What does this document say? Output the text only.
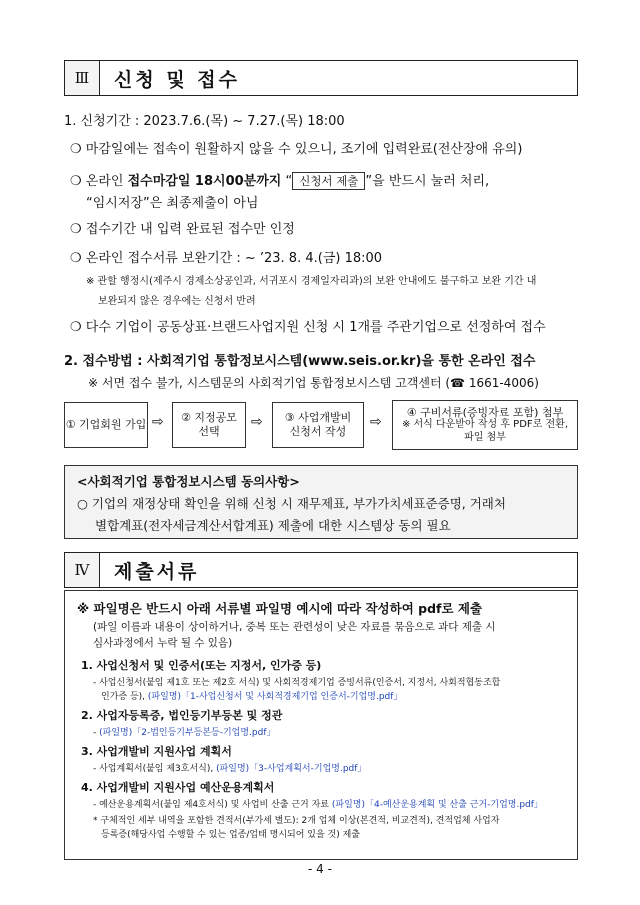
Ⅲ	신청 및 접수
1. 신청기간 : 2023.7.6.(목) ~ 7.27.(목) 18:00
❍ 마감일에는 접속이 원활하지 않을 수 있으니, 조기에 입력완료(전산장애 유의)
❍ 온라인 접수마감일 18시00분까지 “ 신청서 제출 ”을 반드시 눌러 처리,
“임시저장”은 최종제출이 아님
❍ 접수기간 내 입력 완료된 접수만 인정
❍ 온라인 접수서류 보완기간 : ~ ’23. 8. 4.(금) 18:00
※ 관할 행정시(제주시 경제소상공인과, 서귀포시 경제일자리과)의 보완 안내에도 불구하고 보완 기간 내
보완되지 않은 경우에는 신청서 반려
❍ 다수 기업이 공동상표·브랜드사업지원 신청 시 1개를 주관기업으로 선정하여 접수
2. 접수방법 : 사회적기업 통합정보시스템(www.seis.or.kr)을 통한 온라인 접수
※ 서면 접수 불가, 시스템문의 사회적기업 통합정보시스템 고객센터 (☎ 1661-4006)
① 기업회원 가입 ⇨	② 지정공모
선택
⇨	③ 사업개발비
신청서 작성
⇨
④ 구비서류(증빙자료 포함) 첨부
※ 서식 다운받아 작성 후 PDF로 전환,
파일 첨부
<사회적기업 통합정보시스템 동의사항>
○ 기업의 재정상태 확인을 위해 신청 시 재무제표, 부가가치세표준증명, 거래처
별합계표(전자세금계산서합계표) 제출에 대한 시스템상 동의 필요
Ⅳ	제출서류
※ 파일명은 반드시 아래 서류별 파일명 예시에 따라 작성하여 pdf로 제출
(파일 이름과 내용이 상이하거나, 중복 또는 관련성이 낮은 자료를 묶음으로 과다 제출 시
심사과정에서 누락 될 수 있음)
1. 사업신청서 및 인증서(또는 지정서, 인가증 등)
- 사업신청서(붙임 제1호 또는 제2호 서식) 및 사회적경제기업 증빙서류(인증서, 지정서, 사회적협동조합
인가증 등), (파일명)「1-사업신청서 및 사회적경제기업 인증서-기업명.pdf」
2. 사업자등록증, 법인등기부등본 및 정관
- (파일명)「2-법인등기부등본등-기업명.pdf」
3. 사업개발비 지원사업 계획서
- 사업계획서(붙임 제3호서식), (파일명)「3-사업계획서-기업명.pdf」
4. 사업개발비 지원사업 예산운용계획서
- 예산운용계획서(붙임 제4호서식) 및 사업비 산출 근거 자료 (파일명)「4-예산운용계획 및 산출 근거-기업명.pdf」
* 구체적인 세부 내역을 포함한 견적서(부가세 별도): 2개 업체 이상(본견적, 비교견적), 견적업체 사업자
등록증(해당사업 수행할 수 있는 업종/업태 명시되어 있을 것) 제출
- 4 -
